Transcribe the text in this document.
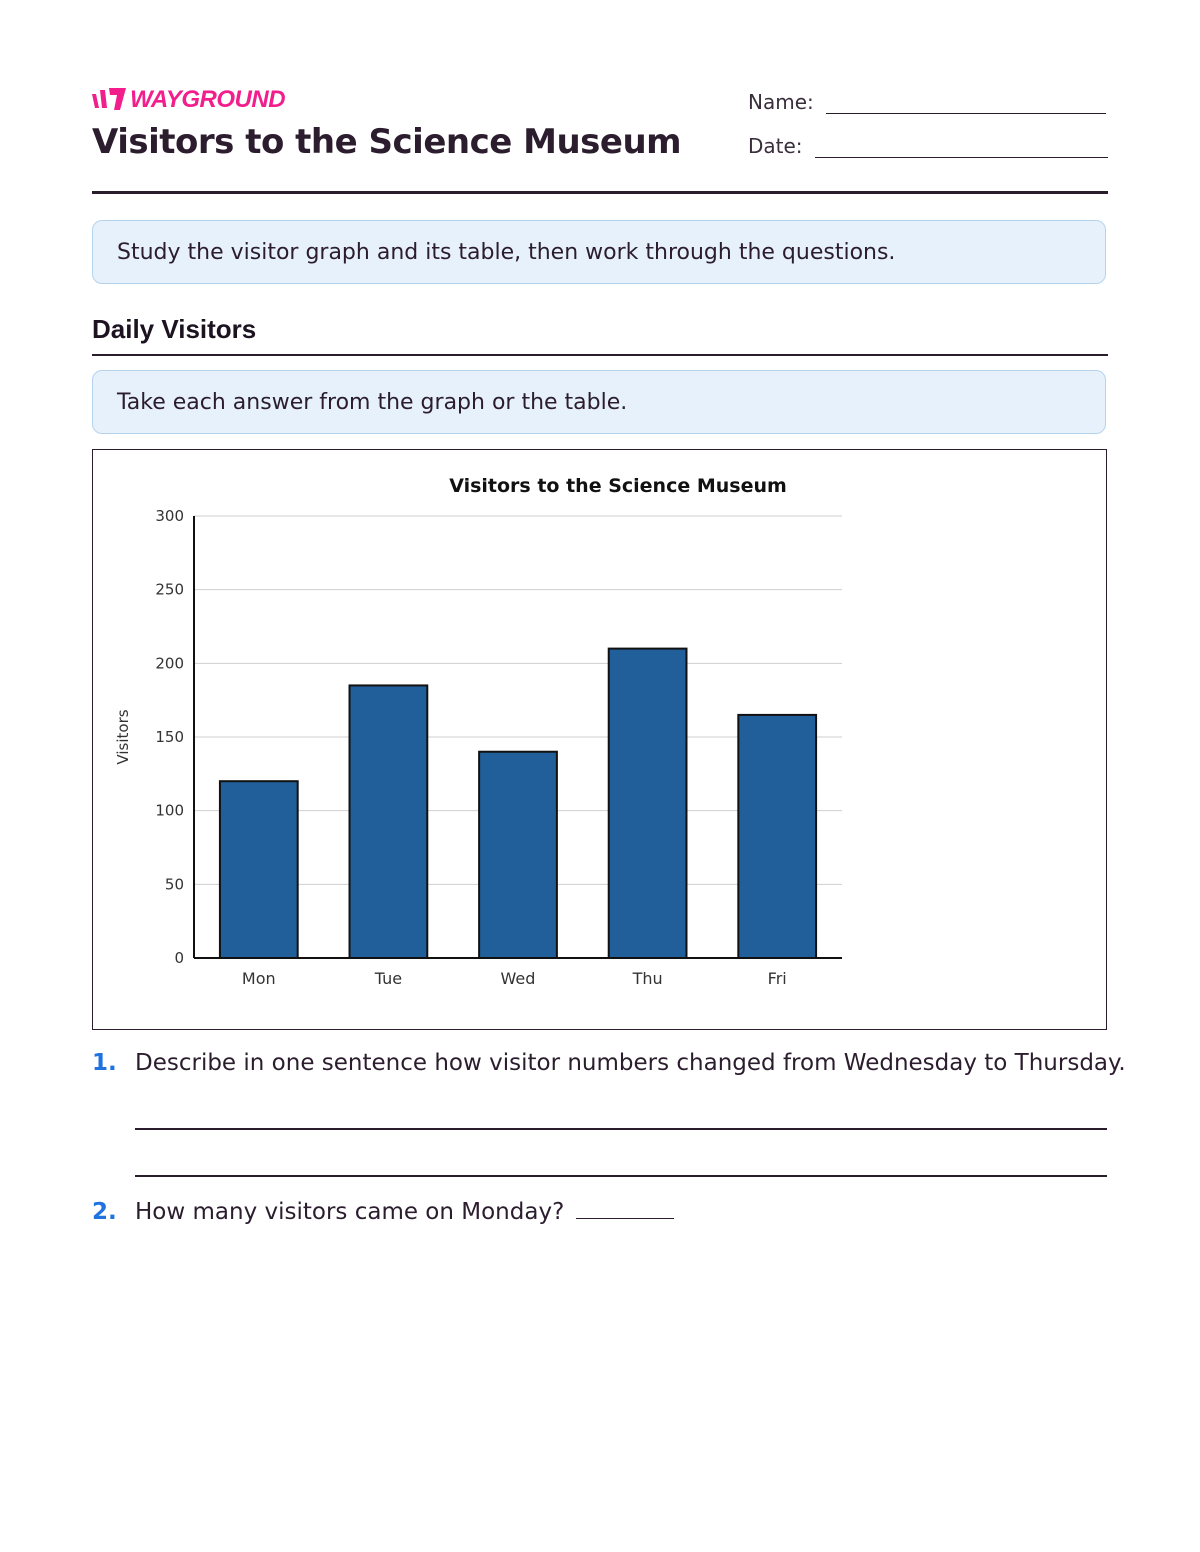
WAYGROUND
Visitors to the Science Museum
Name:
Date:
Study the visitor graph and its table, then work through the questions.
Daily Visitors
Take each answer from the graph or the table.
Visitors to the Science Museum
0
50
100
150
200
250
300
Visitors
Mon	Tue	Wed	Thu	Fri
1. Describe in one sentence how visitor numbers changed from Wednesday to Thursday.
2. How many visitors came on Monday?
